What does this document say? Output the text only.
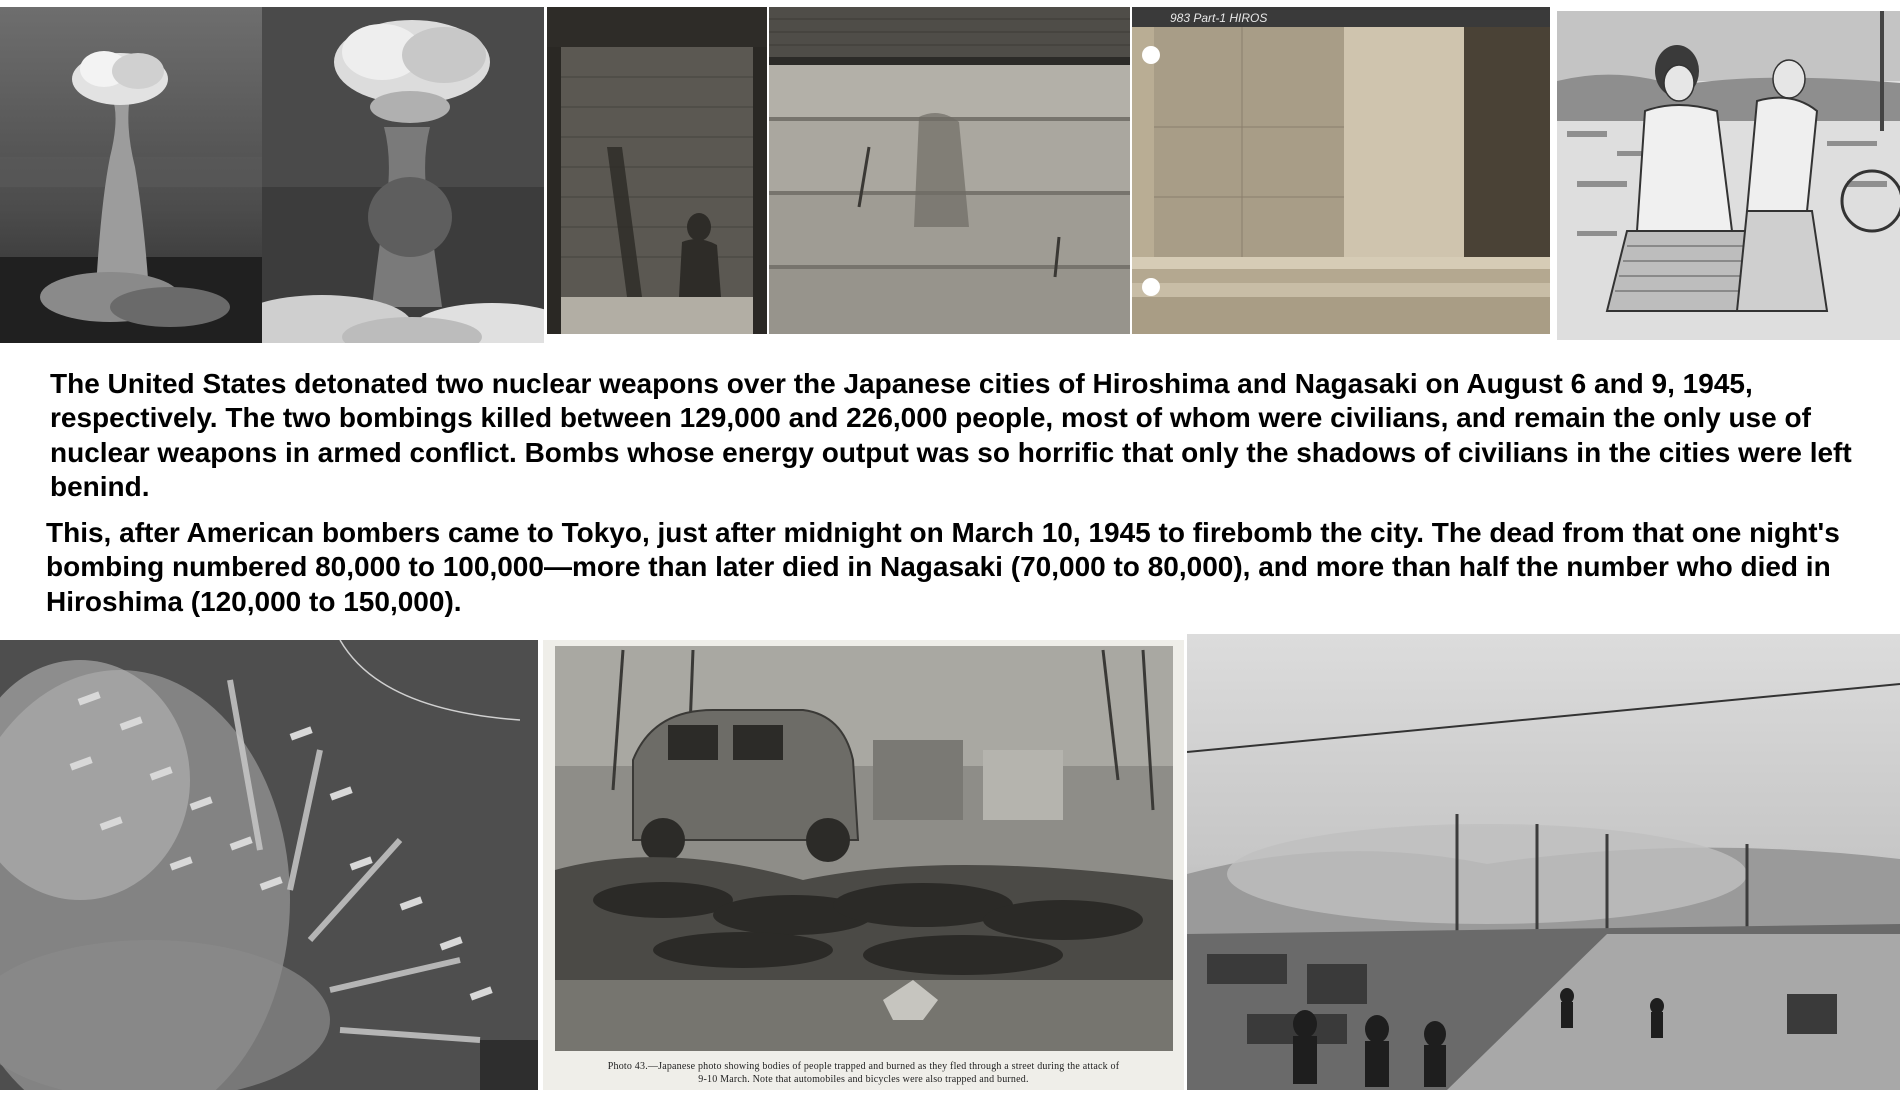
983 Part-1 HIROS

The United States detonated two nuclear weapons over the Japanese cities of Hiroshima and Nagasaki on August 6 and 9, 1945, respectively. The two bombings killed between 129,000 and 226,000 people, most of whom were civilians, and remain the only use of nuclear weapons in armed conflict. Bombs whose energy output was so horrific that only the shadows of civilians in the cities were left benind.

This, after American bombers came to Tokyo, just after midnight on March 10, 1945 to firebomb the city. The dead from that one night's bombing numbered 80,000 to 100,000—more than later died in Nagasaki (70,000 to 80,000), and more than half the number who died in Hiroshima (120,000 to 150,000).

Photo 43.—Japanese photo showing bodies of people trapped and burned as they fled through a street during the attack of
9-10 March. Note that automobiles and bicycles were also trapped and burned.
